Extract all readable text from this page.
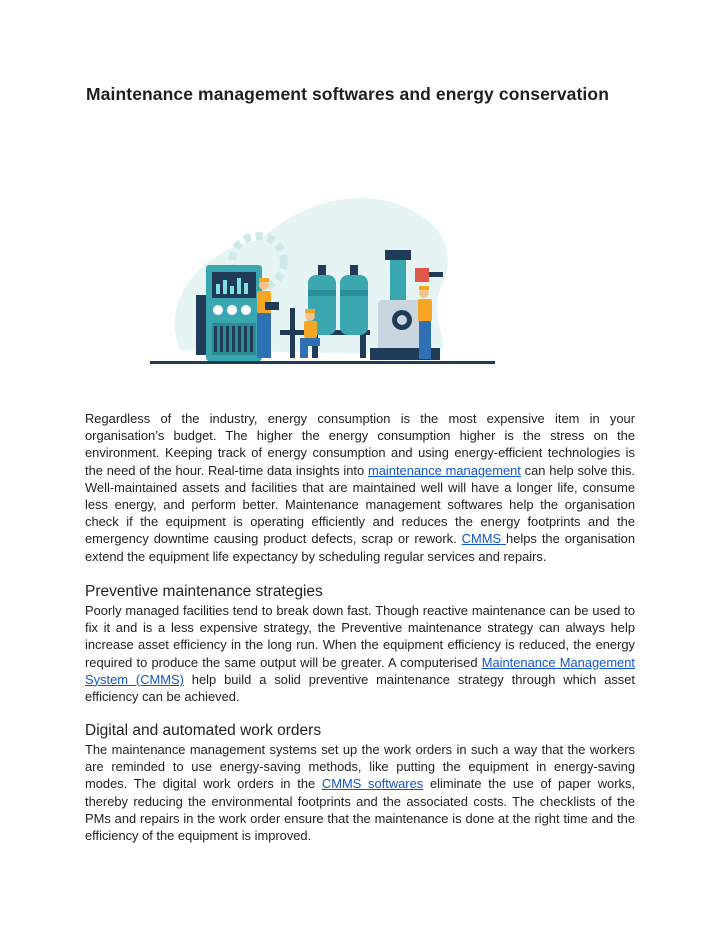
Maintenance management softwares and energy conservation

Regardless of the industry, energy consumption is the most expensive item in your organisation’s budget. The higher the energy consumption higher is the stress on the environment. Keeping track of energy consumption and using energy-efficient technologies is the need of the hour. Real-time data insights into maintenance management can help solve this. Well-maintained assets and facilities that are maintained well will have a longer life, consume less energy, and perform better. Maintenance management softwares help the organisation check if the equipment is operating efficiently and reduces the energy footprints and the emergency downtime causing product defects, scrap or rework. CMMS helps the organisation extend the equipment life expectancy by scheduling regular services and repairs.

Preventive maintenance strategies

Poorly managed facilities tend to break down fast. Though reactive maintenance can be used to fix it and is a less expensive strategy, the Preventive maintenance strategy can always help increase asset efficiency in the long run. When the equipment efficiency is reduced, the energy required to produce the same output will be greater. A computerised Maintenance Management System (CMMS) help build a solid preventive maintenance strategy through which asset efficiency can be achieved.

Digital and automated work orders

The maintenance management systems set up the work orders in such a way that the workers are reminded to use energy-saving methods, like putting the equipment in energy-saving modes. The digital work orders in the CMMS softwares eliminate the use of paper works, thereby reducing the environmental footprints and the associated costs. The checklists of the PMs and repairs in the work order ensure that the maintenance is done at the right time and the efficiency of the equipment is improved.
